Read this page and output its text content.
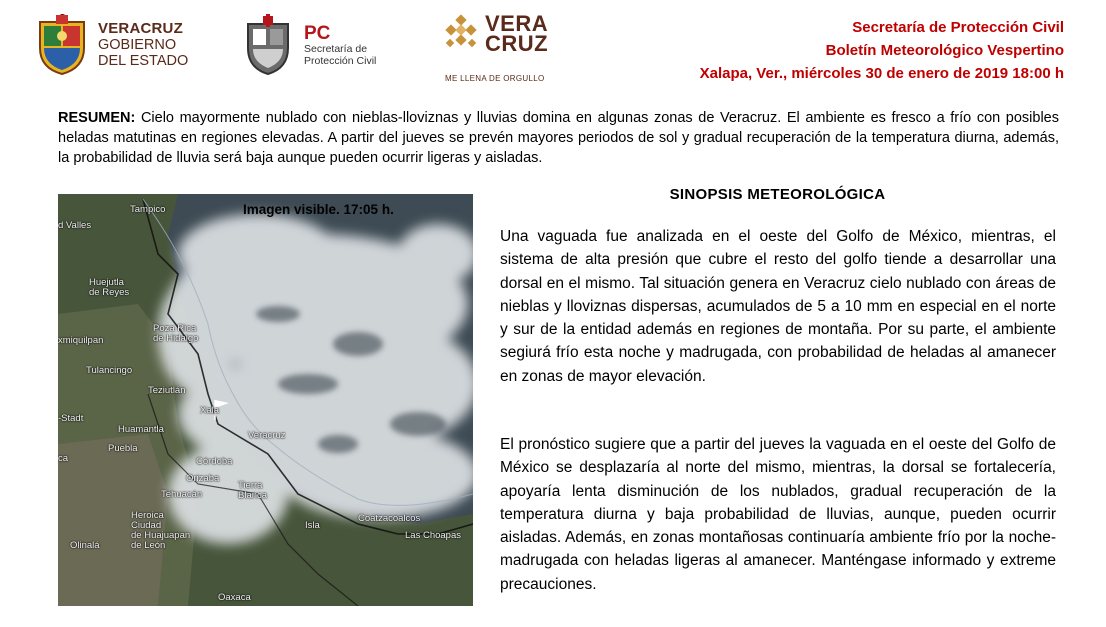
VERACRUZ
GOBIERNO
DEL ESTADO
PC
Secretaría de
Protección Civil
VERA
CRUZ
ME LLENA DE ORGULLO
Secretaría de Protección Civil
Boletín Meteorológico Vespertino
Xalapa, Ver., miércoles 30 de enero de 2019 18:00 h
RESUMEN: Cielo mayormente nublado con nieblas-lloviznas y lluvias domina en algunas zonas de Veracruz. El ambiente es fresco a frío con posibles heladas matutinas en regiones elevadas. A partir del jueves se prevén mayores periodos de sol y gradual recuperación de la temperatura diurna, además, la probabilidad de lluvia será baja aunque pueden ocurrir ligeras y aisladas.
Imagen visible. 17:05 h.
Tampico
d Valles
Huejutla
de Reyes
Poza Rica
de Hidalgo
xmiquilpan
Tulancingo
Teziutlán
-Stadt
Xala
Huamantla
Puebla
Veracruz
ca	Córdoba
Orizaba
Tehuacán
Tierra
Blanca
Heroica
Ciudad
de Huajuapan
de León
Olinalá
Coatzacoalcos
Las Choapas
Isla
Oaxaca
SINOPSIS METEOROLÓGICA
Una vaguada fue analizada en el oeste del Golfo de México, mientras, el sistema de alta presión que cubre el resto del golfo tiende a desarrollar una dorsal en el mismo. Tal situación genera en Veracruz cielo nublado con áreas de nieblas y lloviznas dispersas, acumulados de 5 a 10 mm en especial en el norte y sur de la entidad además en regiones de montaña. Por su parte, el ambiente segiurá frío esta noche y madrugada, con probabilidad de heladas al amanecer en zonas de mayor elevación.
El pronóstico sugiere que a partir del jueves la vaguada en el oeste del Golfo de México se desplazaría al norte del mismo, mientras, la dorsal se fortalecería, apoyaría lenta disminución de los nublados, gradual recuperación de la temperatura diurna y baja probabilidad de lluvias, aunque, pueden ocurrir aisladas. Además, en zonas montañosas continuaría ambiente frío por la noche-madrugada con heladas ligeras al amanecer. Manténgase informado y extreme precauciones.
